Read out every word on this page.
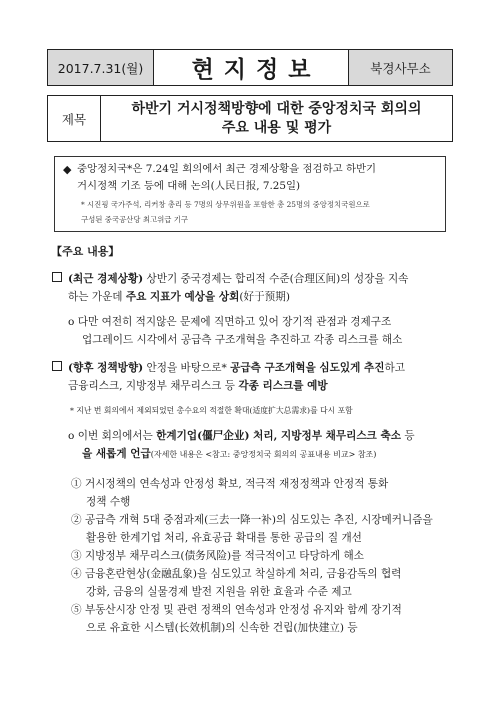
2017.7.31(월)	현지정보	북경사무소
제목
하반기 거시정책방향에 대한 중앙정치국 회의의
주요 내용 및 평가
◆ 중앙정치국*은 7.24일 회의에서 최근 경제상황을 점검하고 하반기
거시정책 기조 등에 대해 논의(人民日报, 7.25일)
* 시진핑 국가주석, 리커창 총리 등 7명의 상무위원을 포함한 총 25명의 중앙정치국원으로
구성된 중국공산당 최고위급 기구
【주요 내용】
(최근 경제상황) 상반기 중국경제는 합리적 수준(合理区间)의 성장을 지속
하는 가운데 주요 지표가 예상을 상회(好于预期)
o 다만 여전히 적지않은 문제에 직면하고 있어 장기적 관점과 경제구조
업그레이드 시각에서 공급측 구조개혁을 추진하고 각종 리스크를 해소
(향후 정책방향) 안정을 바탕으로* 공급측 구조개혁을 심도있게 추진하고
금융리스크, 지방정부 채무리스크 등 각종 리스크를 예방
* 지난 번 회의에서 제외되었던 총수요의 적절한 확대(适度扩大总需求)를 다시 포함
o 이번 회의에서는 한계기업(僵尸企业) 처리, 지방정부 채무리스크 축소 등
을 새롭게 언급(자세한 내용은 <참고: 중앙정치국 회의의 공표내용 비교> 참조)
① 거시정책의 연속성과 안정성 확보, 적극적 재정정책과 안정적 통화
정책 수행
② 공급측 개혁 5대 중점과제(三去一降一补)의 심도있는 추진, 시장메커니즘을
활용한 한계기업 처리, 유효공급 확대를 통한 공급의 질 개선
③ 지방정부 채무리스크(债务风险)를 적극적이고 타당하게 해소
④ 금융혼란현상(金融乱象)을 심도있고 착실하게 처리, 금융감독의 협력
강화, 금융의 실물경제 발전 지원을 위한 효율과 수준 제고
⑤ 부동산시장 안정 및 관련 정책의 연속성과 안정성 유지와 함께 장기적
으로 유효한 시스템(长效机制)의 신속한 건립(加快建立) 등
